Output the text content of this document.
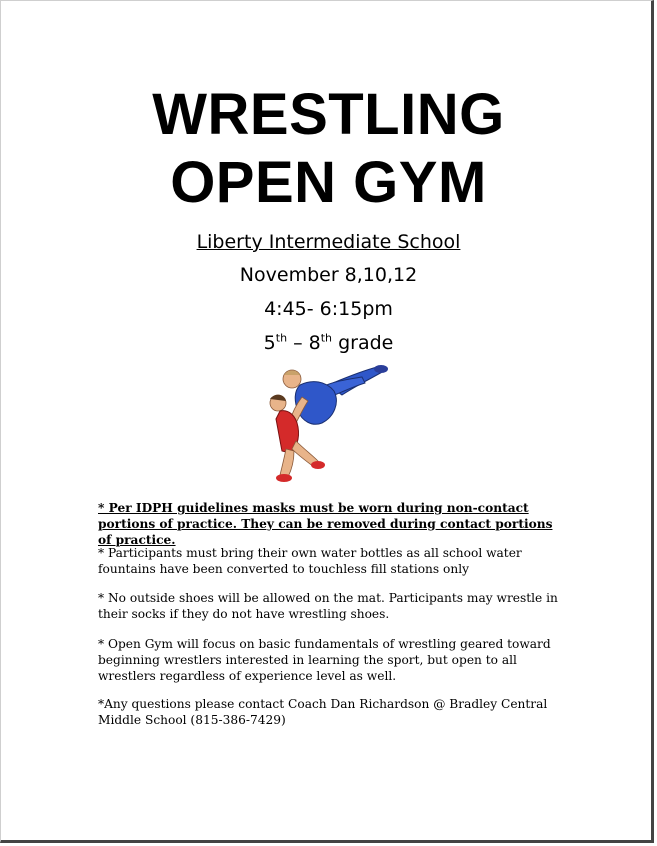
WRESTLING
OPEN GYM
Liberty Intermediate School
November 8,10,12
4:45- 6:15pm
5th – 8th grade
* Per IDPH guidelines masks must be worn during non-contact portions of practice. They can be removed during contact portions of practice.
* Participants must bring their own water bottles as all school water fountains have been converted to touchless fill stations only
* No outside shoes will be allowed on the mat. Participants may wrestle in their socks if they do not have wrestling shoes.
* Open Gym will focus on basic fundamentals of wrestling geared toward beginning wrestlers interested in learning the sport, but open to all wrestlers regardless of experience level as well.
*Any questions please contact Coach Dan Richardson @ Bradley Central Middle School (815-386-7429)
